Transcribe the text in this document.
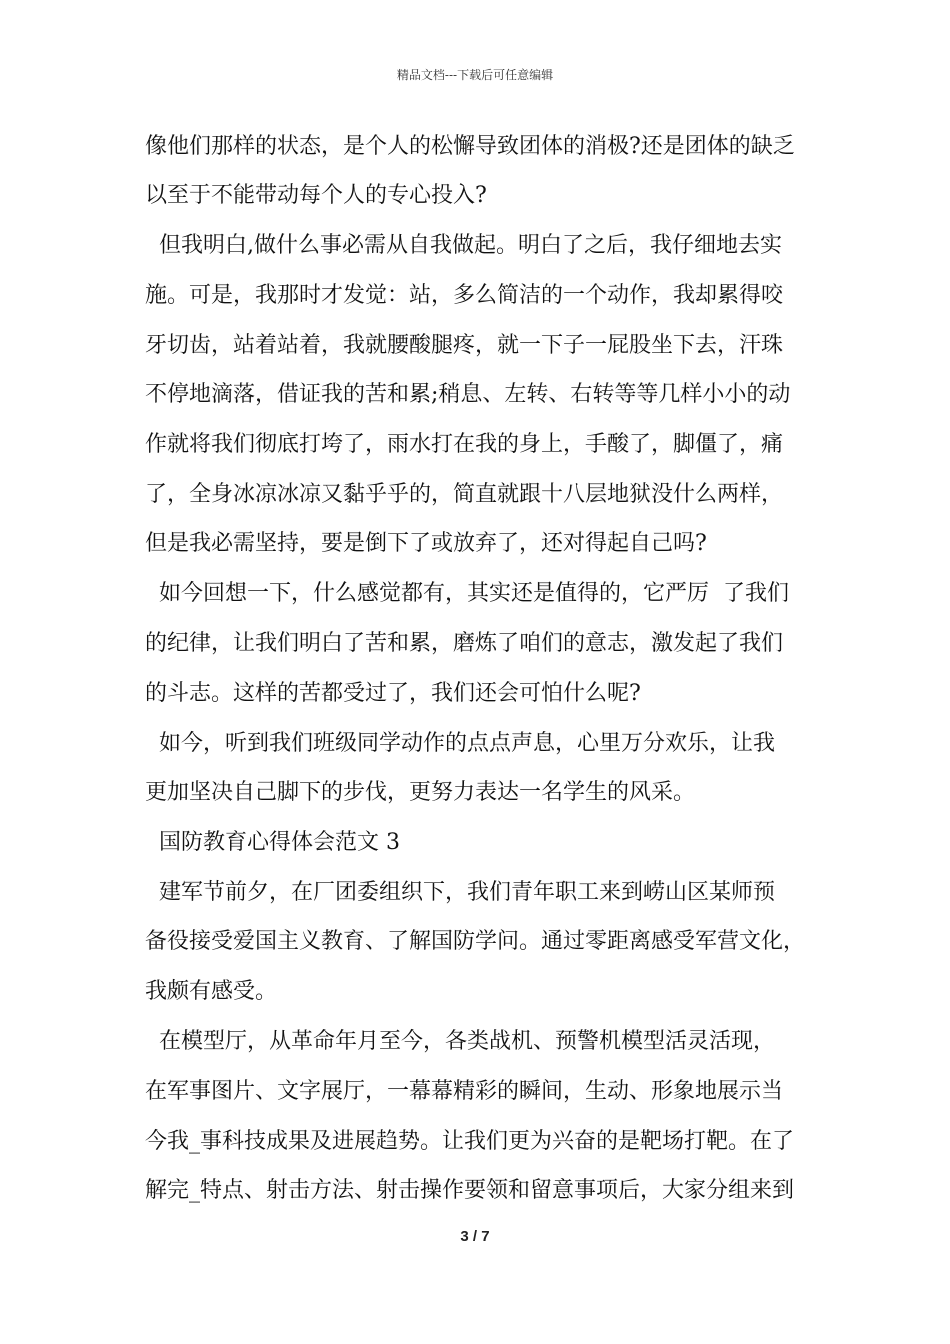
精品文档---下载后可任意编辑
像他们那样的状态，是个人的松懈导致团体的消极?还是团体的缺乏
以至于不能带动每个人的专心投入?
但我明白,做什么事必需从自我做起。明白了之后，我仔细地去实
施。可是，我那时才发觉：站，多么简洁的一个动作，我却累得咬
牙切齿，站着站着，我就腰酸腿疼，就一下子一屁股坐下去，汗珠
不停地滴落，借证我的苦和累;稍息、左转、右转等等几样小小的动
作就将我们彻底打垮了，雨水打在我的身上，手酸了，脚僵了，痛
了，全身冰凉冰凉又黏乎乎的，简直就跟十八层地狱没什么两样，
但是我必需坚持，要是倒下了或放弃了，还对得起自己吗?
如今回想一下，什么感觉都有，其实还是值得的，它严厉  了我们
的纪律，让我们明白了苦和累，磨炼了咱们的意志，激发起了我们
的斗志。这样的苦都受过了，我们还会可怕什么呢?
如今，听到我们班级同学动作的点点声息，心里万分欢乐，让我
更加坚决自己脚下的步伐，更努力表达一名学生的风采。
国防教育心得体会范文 3
建军节前夕，在厂团委组织下，我们青年职工来到崂山区某师预
备役接受爱国主义教育、了解国防学问。通过零距离感受军营文化，
我颇有感受。
在模型厅，从革命年月至今，各类战机、预警机模型活灵活现，
在军事图片、文字展厅，一幕幕精彩的瞬间，生动、形象地展示当
今我_事科技成果及进展趋势。让我们更为兴奋的是靶场打靶。在了
解完_特点、射击方法、射击操作要领和留意事项后，大家分组来到
3 / 7
